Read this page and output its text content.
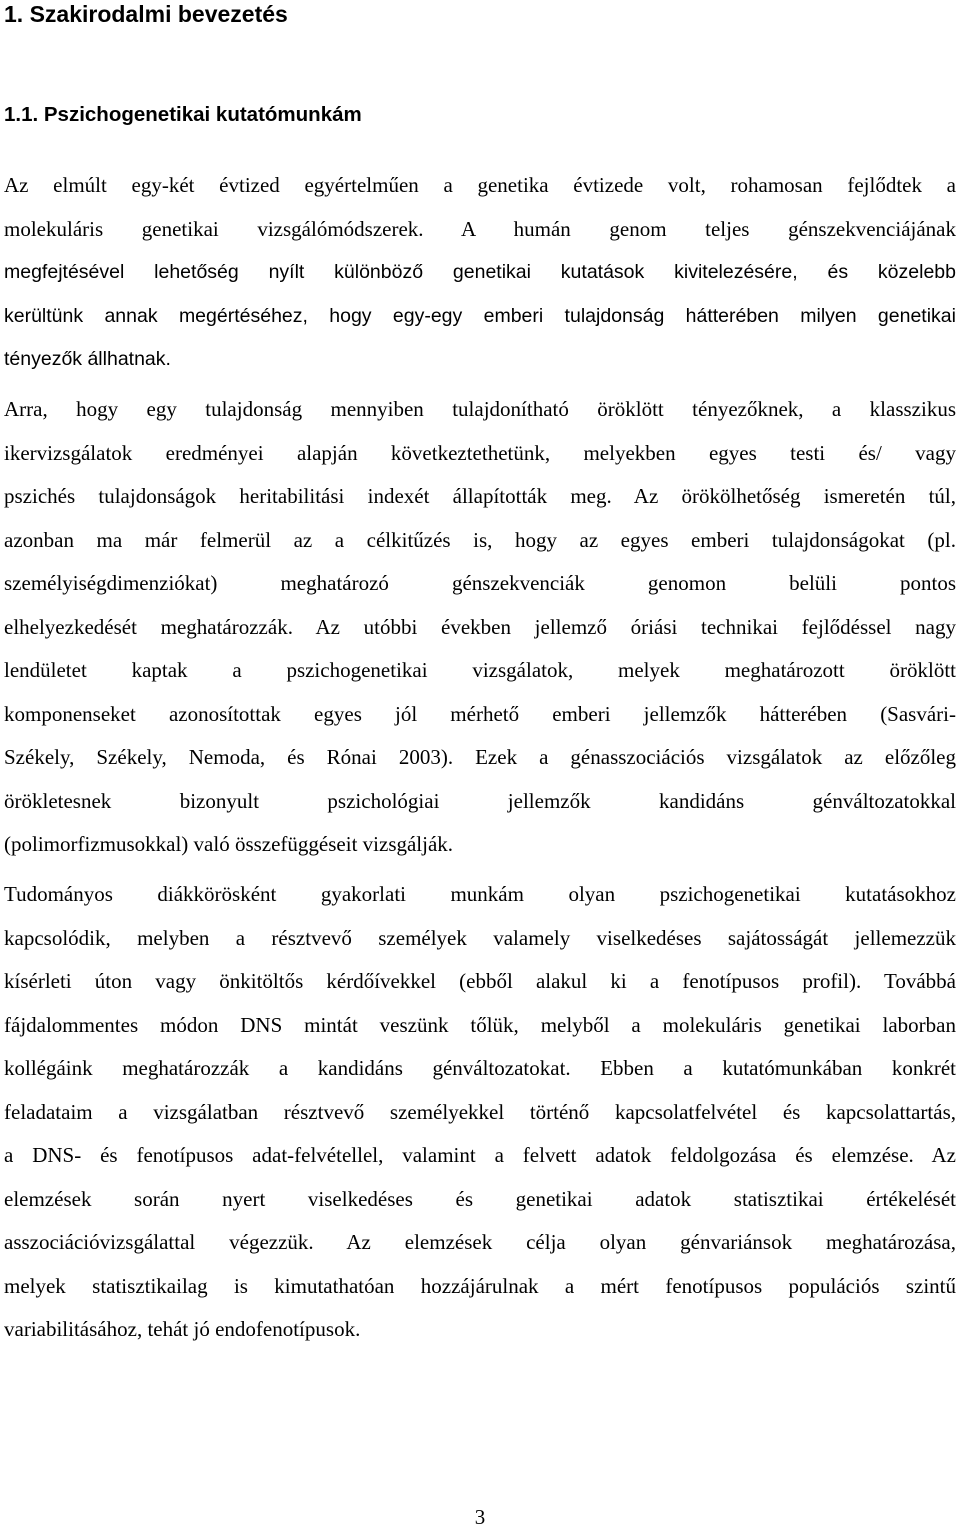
1. Szakirodalmi bevezetés
1.1. Pszichogenetikai kutatómunkám
Az elmúlt egy-két évtized egyértelműen a genetika évtizede volt, rohamosan fejlődtek a
molekuláris genetikai vizsgálómódszerek. A humán genom teljes génszekvenciájának
megfejtésével lehetőség nyílt különböző genetikai kutatások kivitelezésére, és közelebb
kerültünk annak megértéséhez, hogy egy-egy emberi tulajdonság hátterében milyen genetikai
tényezők állhatnak.
Arra, hogy egy tulajdonság mennyiben tulajdonítható öröklött tényezőknek, a klasszikus
ikervizsgálatok eredményei alapján következtethetünk, melyekben egyes testi és/ vagy
pszichés tulajdonságok heritabilitási indexét állapították meg. Az örökölhetőség ismeretén túl,
azonban ma már felmerül az a célkitűzés is, hogy az egyes emberi tulajdonságokat (pl.
személyiségdimenziókat) meghatározó génszekvenciák genomon belüli pontos
elhelyezkedését meghatározzák. Az utóbbi években jellemző óriási technikai fejlődéssel nagy
lendületet kaptak a pszichogenetikai vizsgálatok, melyek meghatározott öröklött
komponenseket azonosítottak egyes jól mérhető emberi jellemzők hátterében (Sasvári-
Székely, Székely, Nemoda, és Rónai 2003). Ezek a génasszociációs vizsgálatok az előzőleg
örökletesnek bizonyult pszichológiai jellemzők kandidáns génváltozatokkal
(polimorfizmusokkal) való összefüggéseit vizsgálják.
Tudományos diákkörösként gyakorlati munkám olyan pszichogenetikai kutatásokhoz
kapcsolódik, melyben a résztvevő személyek valamely viselkedéses sajátosságát jellemezzük
kísérleti úton vagy önkitöltős kérdőívekkel (ebből alakul ki a fenotípusos profil). Továbbá
fájdalommentes módon DNS mintát veszünk tőlük, melyből a molekuláris genetikai laborban
kollégáink meghatározzák a kandidáns génváltozatokat. Ebben a kutatómunkában konkrét
feladataim a vizsgálatban résztvevő személyekkel történő kapcsolatfelvétel és kapcsolattartás,
a DNS- és fenotípusos adat-felvétellel, valamint a felvett adatok feldolgozása és elemzése. Az
elemzések során nyert viselkedéses és genetikai adatok statisztikai értékelését
asszociációvizsgálattal végezzük. Az elemzések célja olyan génvariánsok meghatározása,
melyek statisztikailag is kimutathatóan hozzájárulnak a mért fenotípusos populációs szintű
variabilitásához, tehát jó endofenotípusok.
3
